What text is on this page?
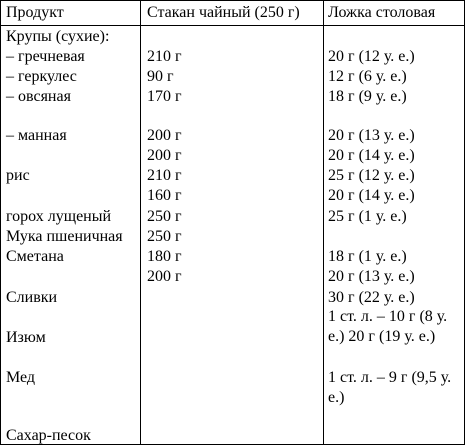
Продукт	Стакан чайный (250 г) Ложка столовая
Крупы (сухие):
– гречневая
– геркулес
– овсяная
– манная
рис
горох лущеный
Мука пшеничная
Сметана
Сливки
Изюм
Мед
Сахар-песок
210 г
90 г
170 г
200 г
200 г
210 г
160 г
250 г
250 г
180 г
200 г
20 г (12 у. е.)
12 г (6 у. е.)
18 г (9 у. е.)
20 г (13 у. е.)
20 г (14 у. е.)
25 г (12 у. е.)
20 г (14 у. е.)
25 г (1 у. е.)
18 г (1 у. е.)
20 г (13 у. е.)
30 г (22 у. е.)
1 ст. л. – 10 г (8 у. е.) 20 г (19 у. е.)
1 ст. л. – 9 г (9,5 у. е.)
